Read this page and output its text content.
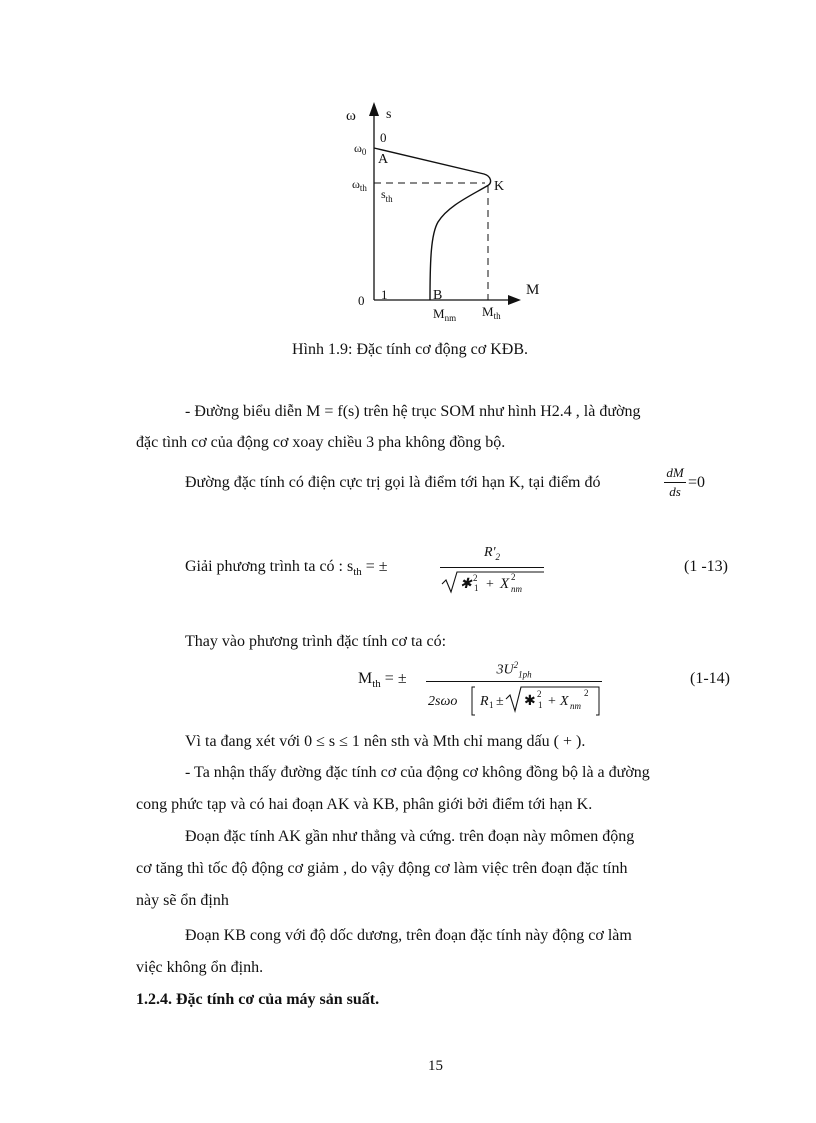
ω s
$\omega_0$
0
A
$\omega_{th}$	K
$s_{th}$
0 1	B	M
$M_{nm}$ $M_{th}$
Hình 1.9: Đặc tính cơ động cơ KĐB.
- Đường biểu diễn M = f(s) trên hệ trục SOM như hình H2.4 , là đường
đặc tình cơ của động cơ xoay chiều 3 pha không đồng bộ.
Đường đặc tính có điện cực trị gọi là điểm tới hạn K, tại điểm đó
dM
ds
=0
Giải phương trình ta có : $s_{th}$ = ±
$R'_2$
✱ 2
1 + X 2
nm
(1 -13)
Thay vào phương trình đặc tính cơ ta có:
$M_{th}$ = ±	$3U^2_{1ph}$
2sωo R 1 ± ✱ 2
1 + X nm
2
(1-14)
Vì ta đang xét với 0 ≤ s ≤ 1 nên sth và Mth chỉ mang dấu ( + ).
- Ta nhận thấy đường đặc tính cơ của động cơ không đồng bộ là a đường
cong phức tạp và có hai đoạn AK và KB, phân giới bởi điểm tới hạn K.
Đoạn đặc tính AK gần như thẳng và cứng. trên đoạn này mômen động
cơ tăng thì tốc độ động cơ giảm , do vậy động cơ làm việc trên đoạn đặc tính
này sẽ ổn định
Đoạn KB cong với độ dốc dương, trên đoạn đặc tính này động cơ làm
việc không ổn định.
1.2.4. Đặc tính cơ của máy sản suất.
15
